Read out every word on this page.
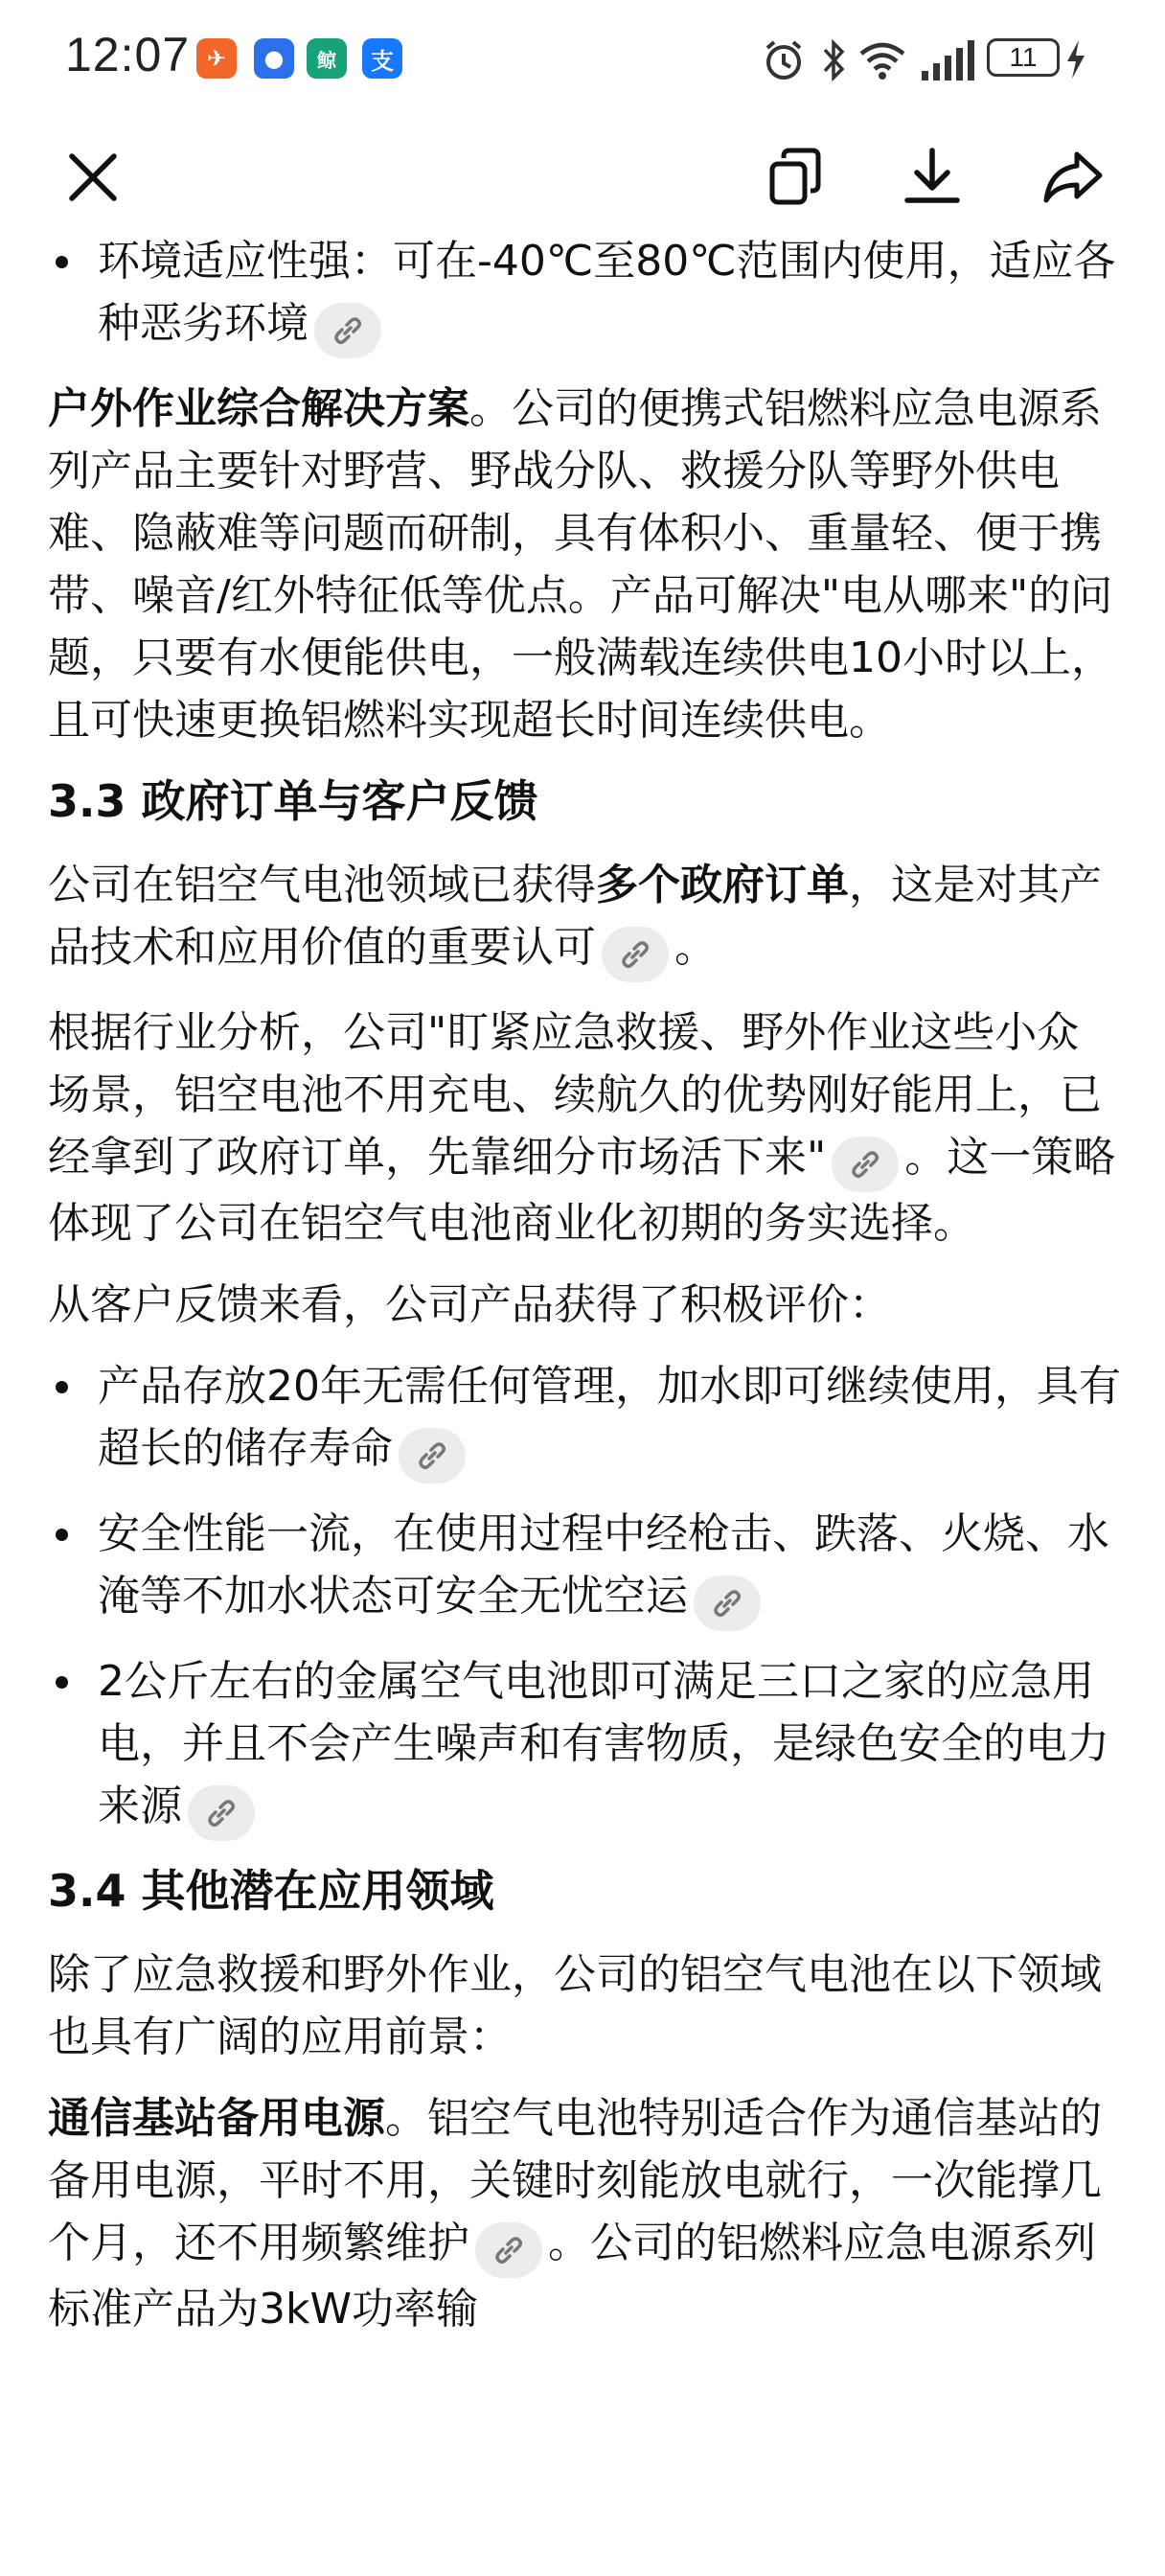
12:07 ✈	●	鲸	支	11
环境适应性强：可在-40℃至80℃范围内使用，适应各种恶劣环境

户外作业综合解决方案。公司的便携式铝燃料应急电源系列产品主要针对野营、野战分队、救援分队等野外供电难、隐蔽难等问题而研制，具有体积小、重量轻、便于携带、噪音/红外特征低等优点。产品可解决"电从哪来"的问题，只要有水便能供电，一般满载连续供电10小时以上，且可快速更换铝燃料实现超长时间连续供电。

3.3 政府订单与客户反馈

公司在铝空气电池领域已获得多个政府订单，这是对其产品技术和应用价值的重要认可 。

根据行业分析，公司"盯紧应急救援、野外作业这些小众场景，铝空电池不用充电、续航久的优势刚好能用上，已经拿到了政府订单，先靠细分市场活下来" 。这一策略体现了公司在铝空气电池商业化初期的务实选择。

从客户反馈来看，公司产品获得了积极评价：

产品存放20年无需任何管理，加水即可继续使用，具有超长的储存寿命
安全性能一流，在使用过程中经枪击、跌落、火烧、水淹等不加水状态可安全无忧空运
2公斤左右的金属空气电池即可满足三口之家的应急用电，并且不会产生噪声和有害物质，是绿色安全的电力来源
3.4 其他潜在应用领域

除了应急救援和野外作业，公司的铝空气电池在以下领域也具有广阔的应用前景：

通信基站备用电源。铝空气电池特别适合作为通信基站的备用电源，平时不用，关键时刻能放电就行，一次能撑几个月，还不用频繁维护 。公司的铝燃料应急电源系列标准产品为3kW功率输
